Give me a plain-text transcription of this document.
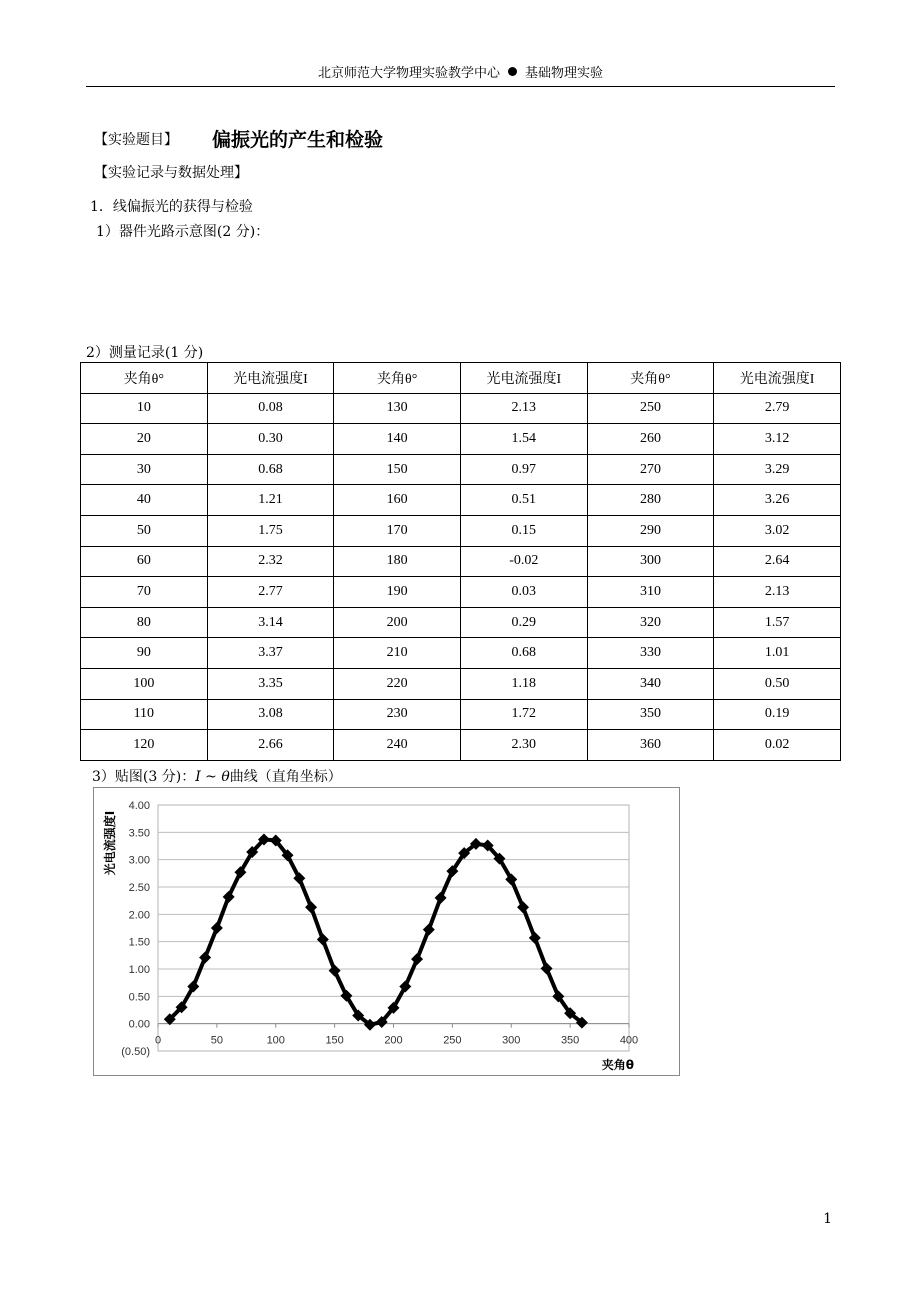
北京师范大学物理实验教学中心 基础物理实验
【实验题目】 偏振光的产生和检验
【实验记录与数据处理】
1．线偏振光的获得与检验
1）器件光路示意图(2 分)：
2）测量记录(1 分)
夹角θ°	光电流强度I	夹角θ°	光电流强度I	夹角θ°	光电流强度I
10	0.08	130	2.13	250	2.79
20	0.30	140	1.54	260	3.12
30	0.68	150	0.97	270	3.29
40	1.21	160	0.51	280	3.26
50	1.75	170	0.15	290	3.02
60	2.32	180	-0.02	300	2.64
70	2.77	190	0.03	310	2.13
80	3.14	200	0.29	320	1.57
90	3.37	210	0.68	330	1.01
100	3.35	220	1.18	340	0.50
110	3.08	230	1.72	350	0.19
120	2.66	240	2.30	360	0.02
3）贴图(3 分)：I ~ θ曲线（直角坐标）
(0.50)
0.00
0.50
1.00
1.50
2.00
2.50
3.00
3.50
4.00
0	50	100	150	200	250	300	350	400
夹角θ
光电流强度I
1
